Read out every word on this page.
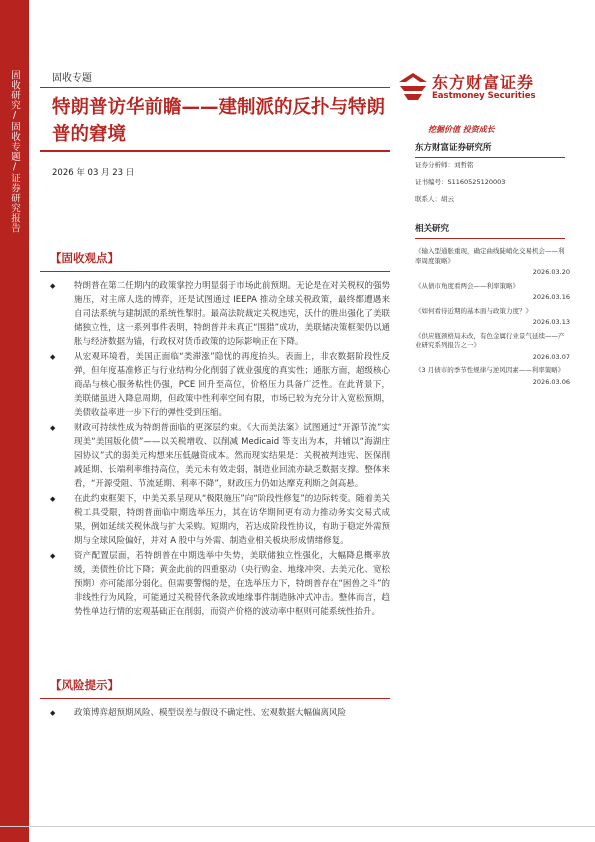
固收研究/固收专题/证券研究报告	固收专题	东方财富证券
Eastmoney Securities
特朗普访华前瞻——建制派的反扑与特朗普的窘境
2026 年 03 月 23 日
挖掘价值 投资成长
东方财富证券研究所
证券分析师：刘哲铭
证书编号：S1160525120003
联系人：胡云
相关研究
《输入型通胀重现，确定曲线陡峭化交易机会——利率周度策略》
2026.03.20
《从债市角度看两会——利率策略》
2026.03.16
《如何看待近期的基本面与政策力度？》
2026.03.13
《供应瓶颈格局未改，有色金属行业景气延续——产业研究系列报告之一》
2026.03.07
《3 月债市的季节性规律与逆风因素——利率策略》
2026.03.06
【固收观点】
◆ 特朗普在第二任期内的政策掌控力明显弱于市场此前预期。无论是在对关税权的强势施压，对主席人选的博弈，还是试图通过 IEEPA 推动全球关税政策，最终都遭遇来自司法系统与建制派的系统性掣肘。最高法院裁定关税违宪，沃什的胜出强化了美联储独立性，这一系列事件表明，特朗普并未真正“围猎”成功，美联储决策框架仍以通胀与经济数据为锚，行政权对货币政策的边际影响正在下降。
◆ 从宏观环境看，美国正面临“类滞涨”隐忧的再度抬头。表面上，非农数据阶段性反弹，但年度基准修正与行业结构分化削弱了就业强度的真实性；通胀方面，超级核心商品与核心服务粘性仍强，PCE 回升至高位，价格压力具备广泛性。在此背景下，美联储虽进入降息周期，但政策中性利率空间有限，市场已较为充分计入宽松预期，美债收益率进一步下行的弹性受到压缩。
◆ 财政可持续性成为特朗普面临的更深层约束。《大而美法案》试图通过“开源节流”实现美“美国版化债”——以关税增收、以削减 Medicaid 等支出为本，并辅以“海湖庄园协议”式的弱美元构想来压低融资成本。然而现实结果是：关税被判违宪、医保削减延期、长端利率维持高位，美元未有效走弱，制造业回流亦缺乏数据支撑。整体来看，“开源受阻、节流延期、利率不降”，财政压力仍如达摩克利斯之剑高悬。
◆ 在此约束框架下，中美关系呈现从“极限施压”向“阶段性修复”的边际转变。随着美关税工具受限，特朗普面临中期选举压力，其在访华期间更有动力推动务实交易式成果，例如延续关税休战与扩大采购。短期内，若达成阶段性协议，有助于稳定外需预期与全球风险偏好，并对 A 股中与外需、制造业相关板块形成情绪修复。
◆ 资产配置层面，若特朗普在中期选举中失势，美联储独立性强化，大幅降息概率放缓，美债性价比下降；黄金此前的四重驱动（央行购金、地缘冲突、去美元化、宽松预期）亦可能部分弱化。但需要警惕的是，在选举压力下，特朗普存在“困兽之斗”的非线性行为风险，可能通过关税替代条款或地缘事件制造脉冲式冲击。整体而言，趋势性单边行情的宏观基础正在削弱，而资产价格的波动率中枢则可能系统性抬升。
【风险提示】
◆ 政策博弈超预期风险、模型误差与假设不确定性、宏观数据大幅偏离风险
